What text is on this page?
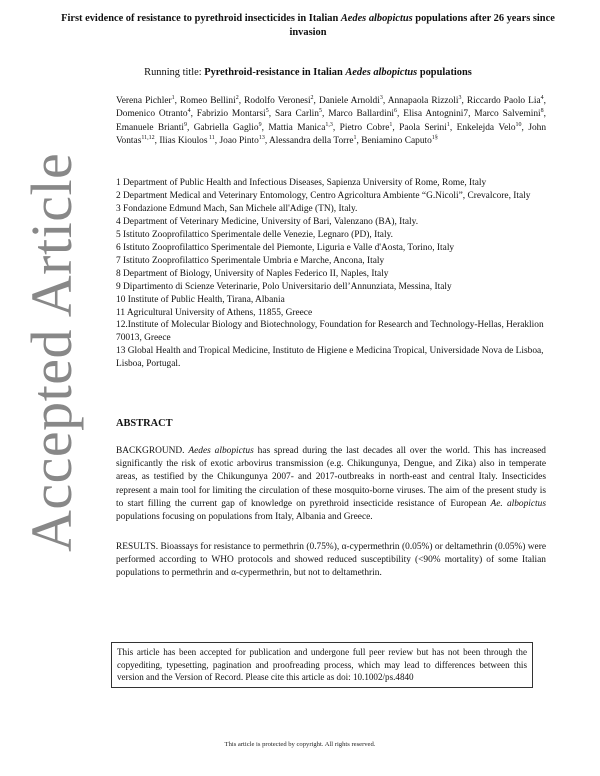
Accepted Article
First evidence of resistance to pyrethroid insecticides in Italian Aedes albopictus populations after 26 years since invasion
Running title: Pyrethroid-resistance in Italian Aedes albopictus populations
Verena Pichler$^1$, Romeo Bellini$^2$, Rodolfo Veronesi$^2$, Daniele Arnoldi$^3$, Annapaola Rizzoli$^3$, Riccardo Paolo Lia$^4$, Domenico Otranto$^4$, Fabrizio Montarsi$^5$, Sara Carlin$^5$, Marco Ballardini$^6$, Elisa Antognini7, Marco Salvemini$^8$, Emanuele Brianti$^9$, Gabriella Gaglio$^9$, Mattia Manica$^{1,3}$, Pietro Cobre$^1$, Paola Serini$^1$, Enkelejda Velo$^{10}$, John Vontas$^{11,12}$, Ilias Kioulos $^{11}$, Joao Pinto$^{13}$, Alessandra della Torre$^1$, Beniamino Caputo$^{1\S}$
1 Department of Public Health and Infectious Diseases, Sapienza University of Rome, Rome, Italy
2 Department Medical and Veterinary Entomology, Centro Agricoltura Ambiente “G.Nicoli”, Crevalcore, Italy
3 Fondazione Edmund Mach, San Michele all'Adige (TN), Italy.
4 Department of Veterinary Medicine, University of Bari, Valenzano (BA), Italy.
5 Istituto Zooprofilattico Sperimentale delle Venezie, Legnaro (PD), Italy.
6 Istituto Zooprofilattico Sperimentale del Piemonte, Liguria e Valle d'Aosta, Torino, Italy
7 Istituto Zooprofilattico Sperimentale Umbria e Marche, Ancona, Italy
8 Department of Biology, University of Naples Federico II, Naples, Italy
9 Dipartimento di Scienze Veterinarie, Polo Universitario dell’Annunziata, Messina, Italy
10 Institute of Public Health, Tirana, Albania
11 Agricultural University of Athens, 11855, Greece
12.Institute of Molecular Biology and Biotechnology, Foundation for Research and Technology-Hellas, Heraklion 70013, Greece
13 Global Health and Tropical Medicine, Instituto de Higiene e Medicina Tropical, Universidade Nova de Lisboa, Lisboa, Portugal.
ABSTRACT
BACKGROUND. Aedes albopictus has spread during the last decades all over the world. This has increased significantly the risk of exotic arbovirus transmission (e.g. Chikungunya, Dengue, and Zika) also in temperate areas, as testified by the Chikungunya 2007- and 2017-outbreaks in north-east and central Italy. Insecticides represent a main tool for limiting the circulation of these mosquito-borne viruses. The aim of the present study is to start filling the current gap of knowledge on pyrethroid insecticide resistance of European Ae. albopictus populations focusing on populations from Italy, Albania and Greece.
RESULTS. Bioassays for resistance to permethrin (0.75%), α-cypermethrin (0.05%) or deltamethrin (0.05%) were performed according to WHO protocols and showed reduced susceptibility (<90% mortality) of some Italian populations to permethrin and α-cypermethrin, but not to deltamethrin.
This article has been accepted for publication and undergone full peer review but has not been through the copyediting, typesetting, pagination and proofreading process, which may lead to differences between this version and the Version of Record. Please cite this article as doi: 10.1002/ps.4840
This article is protected by copyright. All rights reserved.
